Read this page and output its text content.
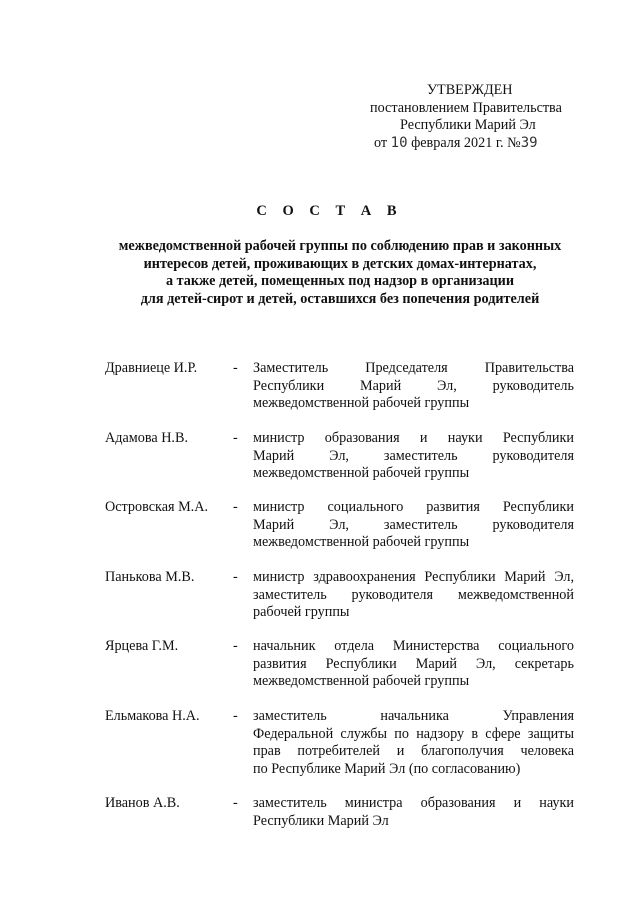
УТВЕРЖДЕН
постановлением Правительства
Республики Марий Эл
от 10 февраля 2021 г. №39
С О С Т А В
межведомственной рабочей группы по соблюдению прав и законных
интересов детей, проживающих в детских домах-интернатах,
а также детей, помещенных под надзор в организации
для детей-сирот и детей, оставшихся без попечения родителей
Дравниеце И.Р.	- Заместитель Председателя Правительства
Республики Марий Эл, руководитель
межведомственной рабочей группы
Адамова Н.В.	- министр образования и науки Республики
Марий Эл, заместитель руководителя
межведомственной рабочей группы
Островская М.А. - министр социального развития Республики
Марий Эл, заместитель руководителя
межведомственной рабочей группы
Панькова М.В.	- министр здравоохранения Республики Марий Эл,
заместитель руководителя межведомственной
рабочей группы
Ярцева Г.М.	- начальник отдела Министерства социального
развития Республики Марий Эл, секретарь
межведомственной рабочей группы
Ельмакова Н.А. - заместитель начальника Управления
Федеральной службы по надзору в сфере защиты
прав потребителей и благополучия человека
по Республике Марий Эл (по согласованию)
Иванов А.В.	- заместитель министра образования и науки
Республики Марий Эл
